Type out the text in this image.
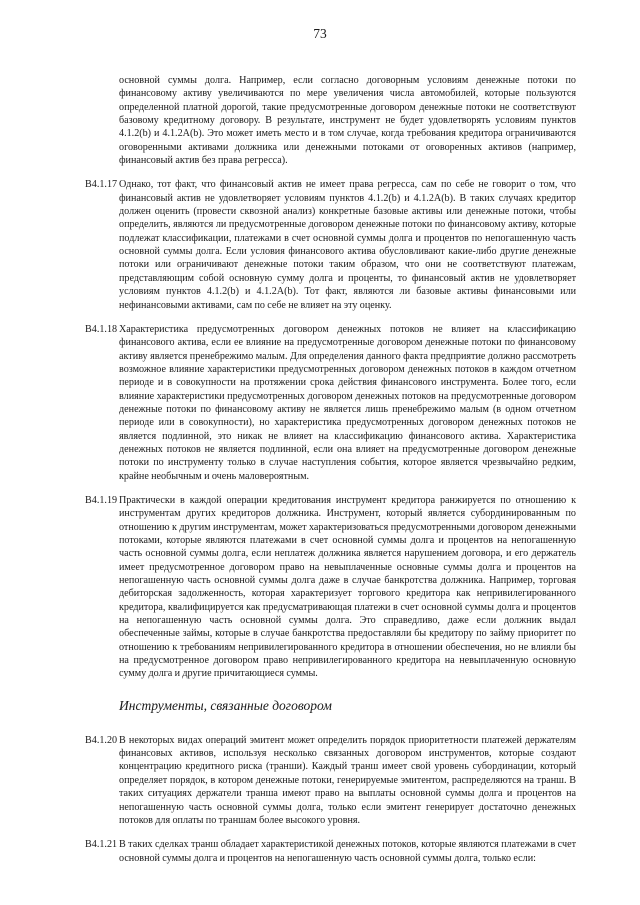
73
основной суммы долга. Например, если согласно договорным условиям денежные потоки по финансовому активу увеличиваются по мере увеличения числа автомобилей, которые пользуются определенной платной дорогой, такие предусмотренные договором денежные потоки не соответствуют базовому кредитному договору. В результате, инструмент не будет удовлетворять условиям пунктов 4.1.2(b) и 4.1.2A(b). Это может иметь место и в том случае, когда требования кредитора ограничиваются оговоренными активами должника или денежными потоками от оговоренных активов (например, финансовый актив без права регресса).
B4.1.17 Однако, тот факт, что финансовый актив не имеет права регресса, сам по себе не говорит о том, что финансовый актив не удовлетворяет условиям пунктов 4.1.2(b) и 4.1.2A(b). В таких случаях кредитор должен оценить (провести сквозной анализ) конкретные базовые активы или денежные потоки, чтобы определить, являются ли предусмотренные договором денежные потоки по финансовому активу, которые подлежат классификации, платежами в счет основной суммы долга и процентов по непогашенную часть основной суммы долга. Если условия финансового актива обусловливают какие-либо другие денежные потоки или ограничивают денежные потоки таким образом, что они не соответствуют платежам, представляющим собой основную сумму долга и проценты, то финансовый актив не удовлетворяет условиям пунктов 4.1.2(b) и 4.1.2A(b). Тот факт, являются ли базовые активы финансовыми или нефинансовыми активами, сам по себе не влияет на эту оценку.
B4.1.18 Характеристика предусмотренных договором денежных потоков не влияет на классификацию финансового актива, если ее влияние на предусмотренные договором денежные потоки по финансовому активу является пренебрежимо малым. Для определения данного факта предприятие должно рассмотреть возможное влияние характеристики предусмотренных договором денежных потоков в каждом отчетном периоде и в совокупности на протяжении срока действия финансового инструмента. Более того, если влияние характеристики предусмотренных договором денежных потоков на предусмотренные договором денежные потоки по финансовому активу не является лишь пренебрежимо малым (в одном отчетном периоде или в совокупности), но характеристика предусмотренных договором денежных потоков не является подлинной, это никак не влияет на классификацию финансового актива. Характеристика денежных потоков не является подлинной, если она влияет на предусмотренные договором денежные потоки по инструменту только в случае наступления события, которое является чрезвычайно редким, крайне необычным и очень маловероятным.
B4.1.19 Практически в каждой операции кредитования инструмент кредитора ранжируется по отношению к инструментам других кредиторов должника. Инструмент, который является субординированным по отношению к другим инструментам, может характеризоваться предусмотренными договором денежными потоками, которые являются платежами в счет основной суммы долга и процентов на непогашенную часть основной суммы долга, если неплатеж должника является нарушением договора, и его держатель имеет предусмотренное договором право на невыплаченные основные суммы долга и процентов на непогашенную часть основной суммы долга даже в случае банкротства должника. Например, торговая дебиторская задолженность, которая характеризует торгового кредитора как непривилегированного кредитора, квалифицируется как предусматривающая платежи в счет основной суммы долга и процентов на непогашенную часть основной суммы долга. Это справедливо, даже если должник выдал обеспеченные займы, которые в случае банкротства предоставляли бы кредитору по займу приоритет по отношению к требованиям непривилегированного кредитора в отношении обеспечения, но не влияли бы на предусмотренное договором право непривилегированного кредитора на невыплаченную основную сумму долга и другие причитающиеся суммы.
Инструменты, связанные договором
B4.1.20 В некоторых видах операций эмитент может определить порядок приоритетности платежей держателям финансовых активов, используя несколько связанных договором инструментов, которые создают концентрацию кредитного риска (транши). Каждый транш имеет свой уровень субординации, который определяет порядок, в котором денежные потоки, генерируемые эмитентом, распределяются на транш. В таких ситуациях держатели транша имеют право на выплаты основной суммы долга и процентов на непогашенную часть основной суммы долга, только если эмитент генерирует достаточно денежных потоков для оплаты по траншам более высокого уровня.
B4.1.21 В таких сделках транш обладает характеристикой денежных потоков, которые являются платежами в счет основной суммы долга и процентов на непогашенную часть основной суммы долга, только если:
